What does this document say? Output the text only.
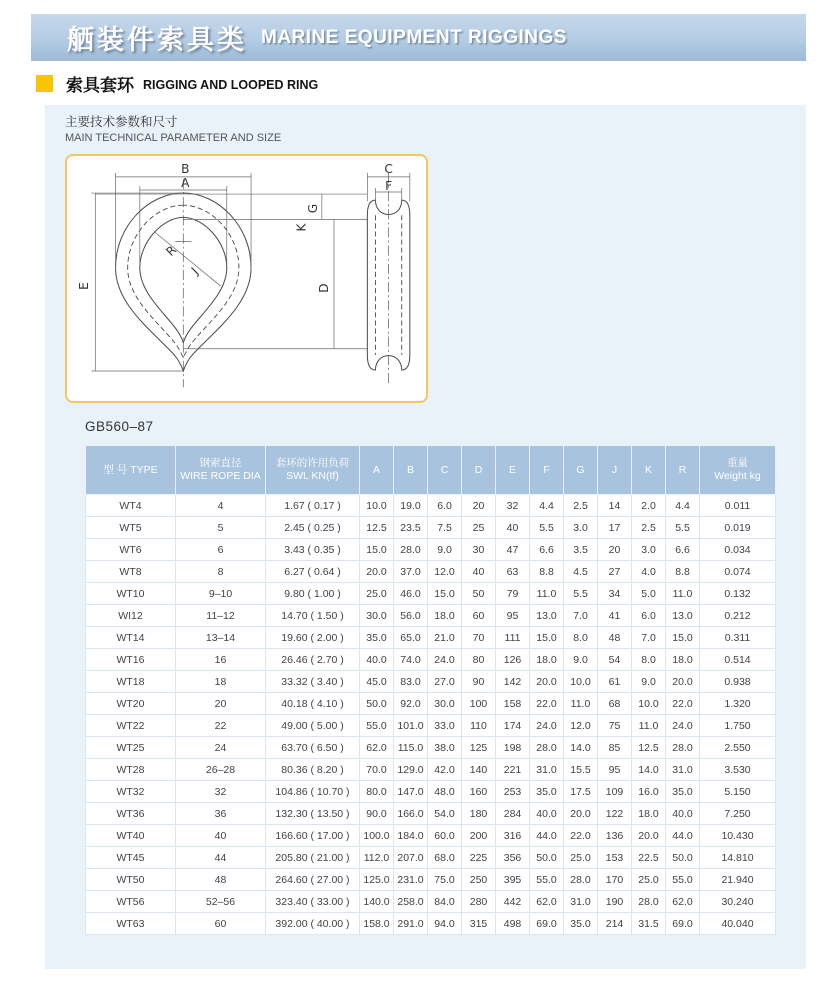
舾装件索具类 MARINE EQUIPMENT RIGGINGS
索具套环 RIGGING AND LOOPED RING
主要技术参数和尺寸
MAIN TECHNICAL PARAMETER AND SIZE
R
J
B
A
E
C
F
G
K
D
GB560–87
型 号 TYPE

钢索直径
WIRE ROPE DIA

套环的许用负荷
SWL KN(tf)

A	B	C	D	E	F	G	J	K	R

重量
Weight kg

WT4	4	1.67 ( 0.17 )	10.0	19.0	6.0	20	32	4.4	2.5	14	2.0	4.4	0.011
WT5	5	2.45 ( 0.25 )	12.5	23.5	7.5	25	40	5.5	3.0	17	2.5	5.5	0.019
WT6	6	3.43 ( 0.35 )	15.0	28.0	9.0	30	47	6.6	3.5	20	3.0	6.6	0.034
WT8	8	6.27 ( 0.64 )	20.0	37.0	12.0	40	63	8.8	4.5	27	4.0	8.8	0.074
WT10	9–10	9.80 ( 1.00 )	25.0	46.0	15.0	50	79	11.0	5.5	34	5.0	11.0	0.132
WI12	11–12	14.70 ( 1.50 )	30.0	56.0	18.0	60	95	13.0	7.0	41	6.0	13.0	0.212
WT14	13–14	19.60 ( 2.00 )	35.0	65.0	21.0	70	111	15.0	8.0	48	7.0	15.0	0.311
WT16	16	26.46 ( 2.70 )	40.0	74.0	24.0	80	126	18.0	9.0	54	8.0	18.0	0.514
WT18	18	33.32 ( 3.40 )	45.0	83.0	27.0	90	142	20.0	10.0	61	9.0	20.0	0.938
WT20	20	40.18 ( 4.10 )	50.0	92.0	30.0	100	158	22.0	11.0	68	10.0	22.0	1.320
WT22	22	49.00 ( 5.00 )	55.0	101.0	33.0	110	174	24.0	12.0	75	11.0	24.0	1.750
WT25	24	63.70 ( 6.50 )	62.0	115.0	38.0	125	198	28.0	14.0	85	12.5	28.0	2.550
WT28	26–28	80.36 ( 8.20 )	70.0	129.0	42.0	140	221	31.0	15.5	95	14.0	31.0	3.530
WT32	32	104.86 ( 10.70 )	80.0	147.0	48.0	160	253	35.0	17.5	109	16.0	35.0	5.150
WT36	36	132.30 ( 13.50 )	90.0	166.0	54.0	180	284	40.0	20.0	122	18.0	40.0	7.250
WT40	40	166.60 ( 17.00 )	100.0	184.0	60.0	200	316	44.0	22.0	136	20.0	44.0	10.430
WT45	44	205.80 ( 21.00 )	112.0	207.0	68.0	225	356	50.0	25.0	153	22.5	50.0	14.810
WT50	48	264.60 ( 27.00 )	125.0	231.0	75.0	250	395	55.0	28.0	170	25.0	55.0	21.940
WT56	52–56	323.40 ( 33.00 )	140.0	258.0	84.0	280	442	62.0	31.0	190	28.0	62.0	30.240
WT63	60	392.00 ( 40.00 )	158.0	291.0	94.0	315	498	69.0	35.0	214	31.5	69.0	40.040
